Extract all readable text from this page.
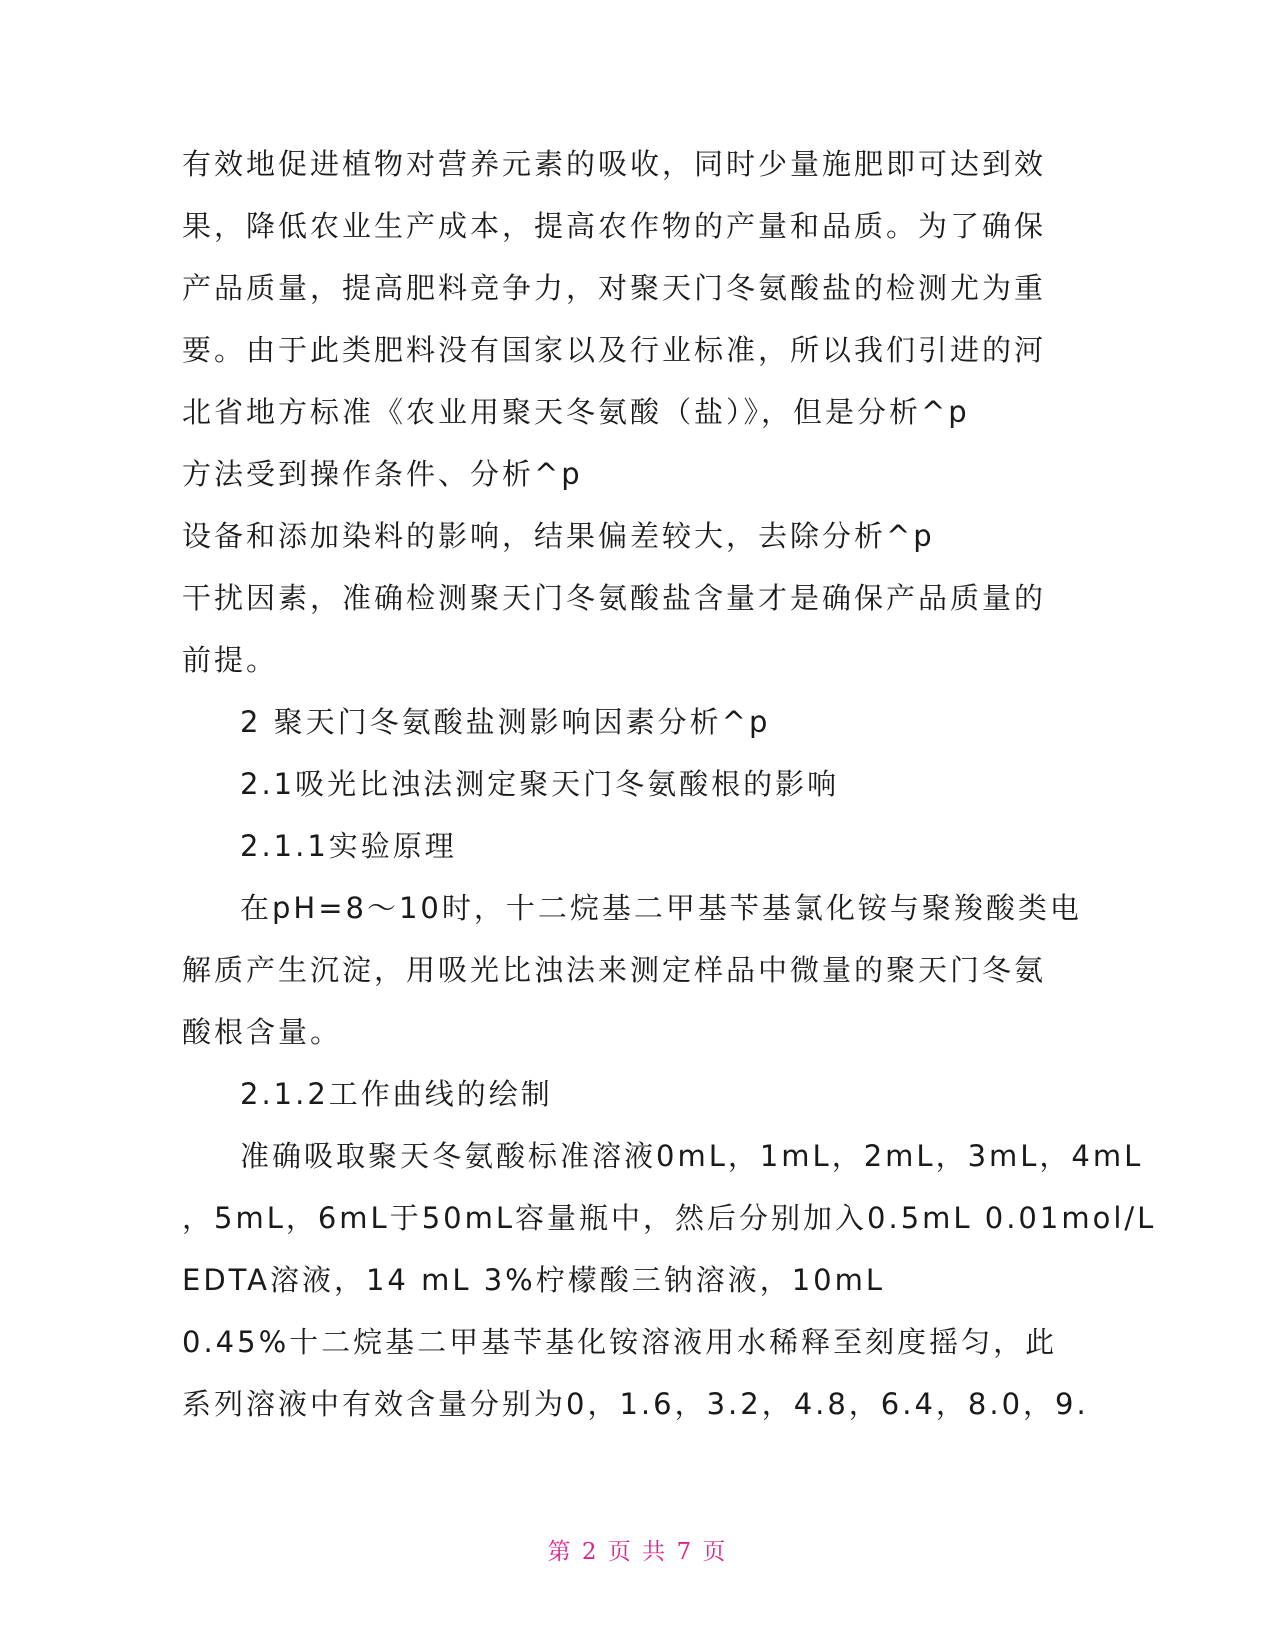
有效地促进植物对营养元素的吸收，同时少量施肥即可达到效
果，降低农业生产成本，提高农作物的产量和品质。为了确保
产品质量，提高肥料竞争力，对聚天门冬氨酸盐的检测尤为重
要。由于此类肥料没有国家以及行业标准，所以我们引进的河
北省地方标准《农业用聚天冬氨酸（盐）》，但是分析^p
方法受到操作条件、分析^p
设备和添加染料的影响，结果偏差较大，去除分析^p
干扰因素，准确检测聚天门冬氨酸盐含量才是确保产品质量的
前提。
2 聚天门冬氨酸盐测影响因素分析^p
2.1吸光比浊法测定聚天门冬氨酸根的影响
2.1.1实验原理
在pH=8～10时，十二烷基二甲基苄基氯化铵与聚羧酸类电
解质产生沉淀，用吸光比浊法来测定样品中微量的聚天门冬氨
酸根含量。
2.1.2工作曲线的绘制
准确吸取聚天冬氨酸标准溶液0mL，1mL，2mL，3mL，4mL
，5mL，6mL于50mL容量瓶中，然后分别加入0.5mL 0.01mol/L
EDTA溶液，14 mL 3%柠檬酸三钠溶液，10mL
0.45%十二烷基二甲基苄基化铵溶液用水稀释至刻度摇匀，此
系列溶液中有效含量分别为0，1.6，3.2，4.8，6.4，8.0，9.
第 2 页 共 7 页
